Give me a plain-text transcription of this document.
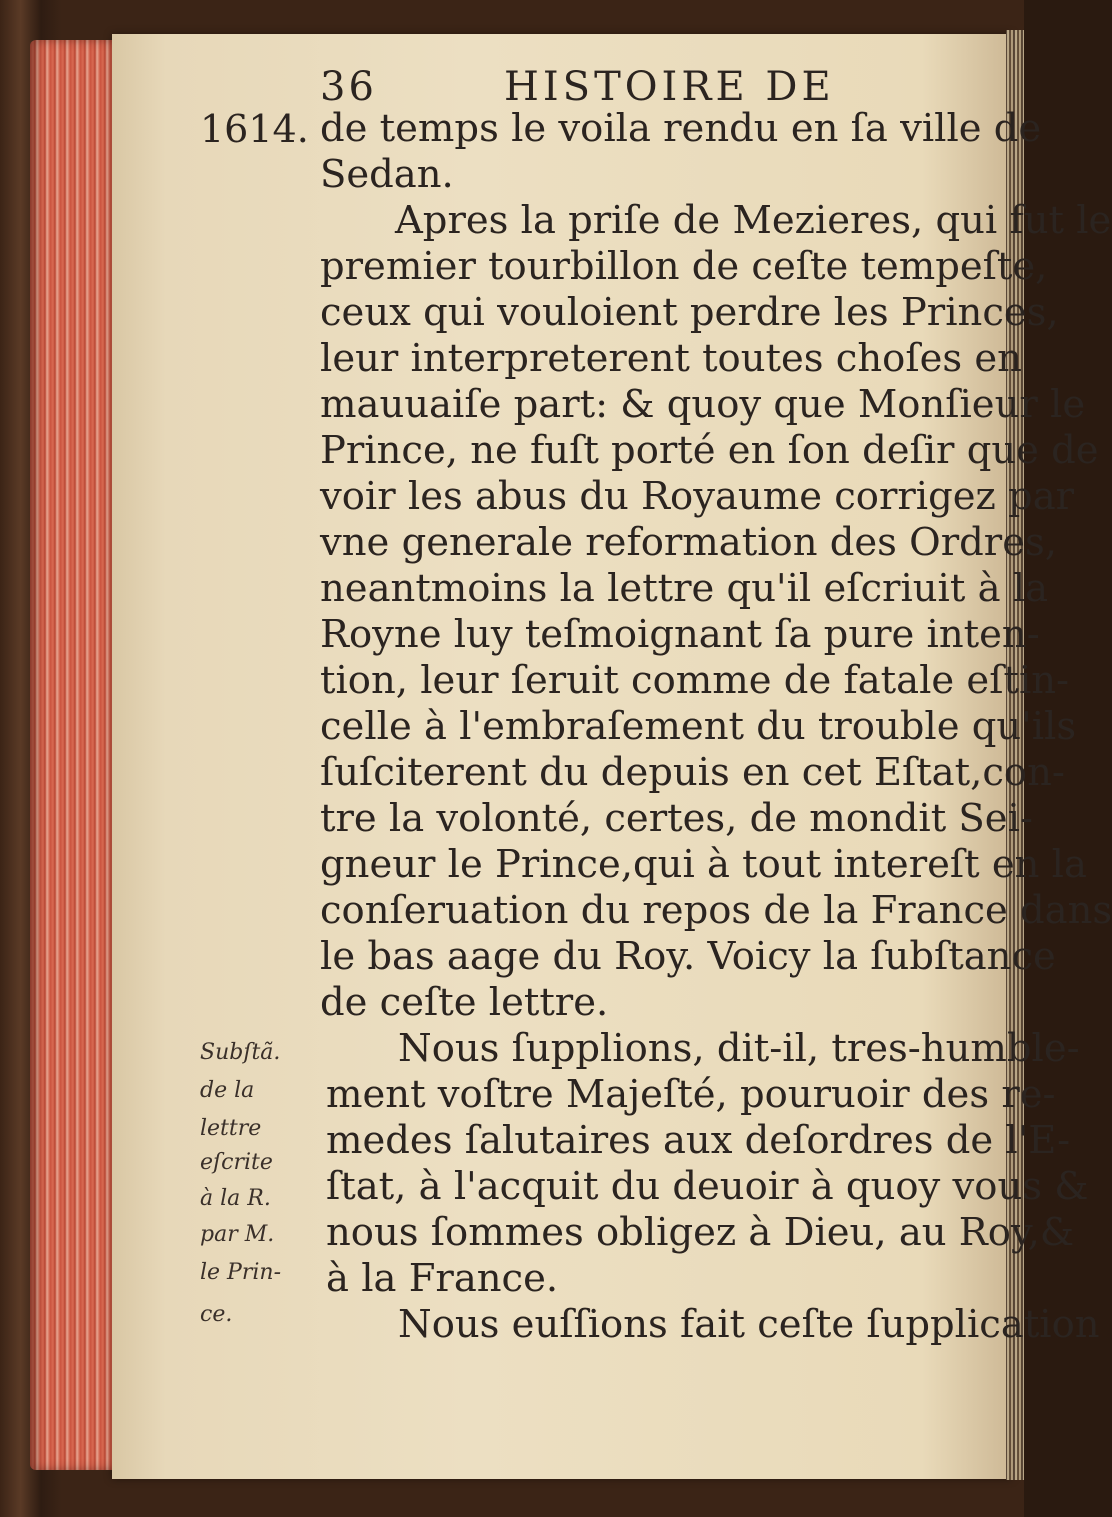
36	HISTOIRE DE
1614. de temps le voila rendu en ſa ville de
Sedan.
Apres la priſe de Mezieres, qui fut le
premier tourbillon de ceſte tempeſte,
ceux qui vouloient perdre les Princes,
leur interpreterent toutes choſes en
mauuaiſe part: & quoy que Monſieur le
Prince, ne fuſt porté en ſon deſir que de
voir les abus du Royaume corrigez par
vne generale reformation des Ordres,
neantmoins la lettre qu'il eſcriuit à la
Royne luy teſmoignant ſa pure inten-
tion, leur ſeruit comme de fatale eſtin-
celle à l'embraſement du trouble qu'ils
ſuſciterent du depuis en cet Eſtat,con-
tre la volonté, certes, de mondit Sei-
gneur le Prince,qui à tout intereſt en la
conſeruation du repos de la France dans
le bas aage du Roy. Voicy la ſubſtance
de ceſte lettre.
Nous ſupplions, dit-il, tres-humble-
ment voſtre Majeſté, pouruoir des re-
medes ſalutaires aux deſordres de l'E-
ſtat, à l'acquit du deuoir à quoy vous &
nous ſommes obligez à Dieu, au Roy,&
à la France.
Nous euſſions fait ceſte ſupplication
Subſtã.
de la
lettre
eſcrite
à la R.
par M.
le Prin-
ce.
